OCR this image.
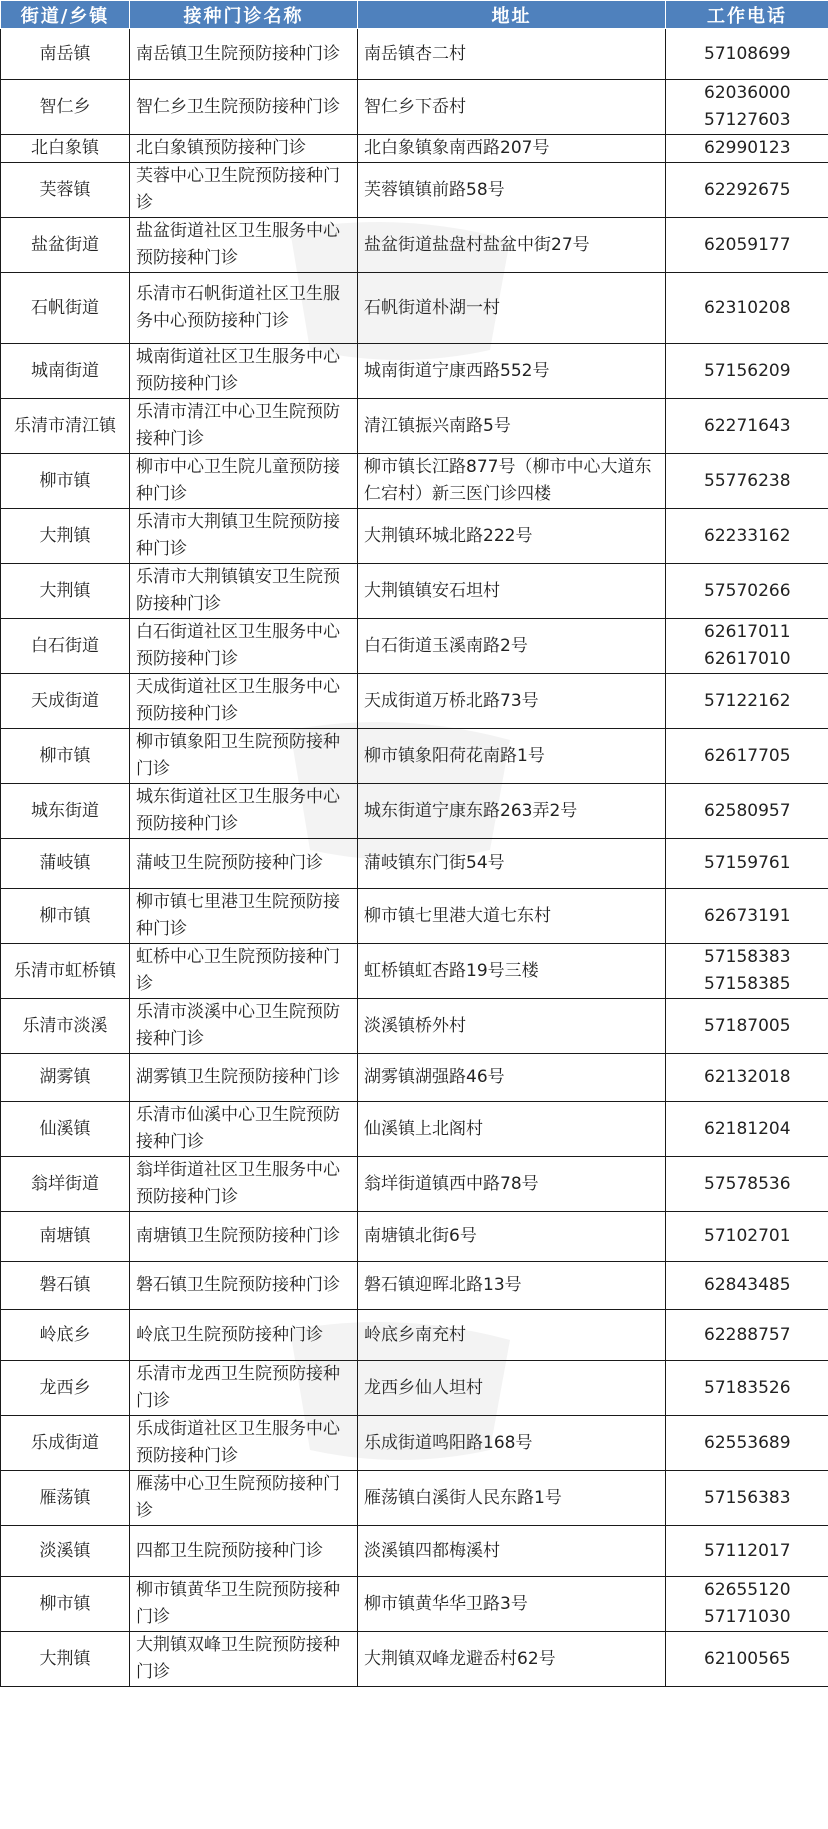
街道/乡镇	接种门诊名称	地址	工作电话
南岳镇	南岳镇卫生院预防接种门诊	南岳镇杏二村	57108699

智仁乡	智仁乡卫生院预防接种门诊	智仁乡下岙村	62036000
57127603

北白象镇	北白象镇预防接种门诊	北白象镇象南西路207号	62990123

芙蓉镇	芙蓉中心卫生院预防接种门诊	芙蓉镇镇前路58号	62292675

盐盆街道	盐盆街道社区卫生服务中心预防接种门诊	盐盆街道盐盘村盐盆中街27号	62059177

石帆街道	乐清市石帆街道社区卫生服务中心预防接种门诊	石帆街道朴湖一村	62310208

城南街道	城南街道社区卫生服务中心预防接种门诊	城南街道宁康西路552号	57156209

乐清市清江镇	乐清市清江中心卫生院预防接种门诊	清江镇振兴南路5号	62271643

柳市镇	柳市中心卫生院儿童预防接种门诊	柳市镇长江路877号（柳市中心大道东仁宕村）新三医门诊四楼	55776238

大荆镇	乐清市大荆镇卫生院预防接种门诊	大荆镇环城北路222号	62233162

大荆镇	乐清市大荆镇镇安卫生院预防接种门诊	大荆镇镇安石坦村	57570266

白石街道	白石街道社区卫生服务中心预防接种门诊	白石街道玉溪南路2号	62617011
62617010

天成街道	天成街道社区卫生服务中心预防接种门诊	天成街道万桥北路73号	57122162

柳市镇	柳市镇象阳卫生院预防接种门诊	柳市镇象阳荷花南路1号	62617705

城东街道	城东街道社区卫生服务中心预防接种门诊	城东街道宁康东路263弄2号	62580957

蒲岐镇	蒲岐卫生院预防接种门诊	蒲岐镇东门街54号	57159761

柳市镇	柳市镇七里港卫生院预防接种门诊	柳市镇七里港大道七东村	62673191

乐清市虹桥镇	虹桥中心卫生院预防接种门诊	虹桥镇虹杏路19号三楼	57158383
57158385

乐清市淡溪	乐清市淡溪中心卫生院预防接种门诊	淡溪镇桥外村	57187005

湖雾镇	湖雾镇卫生院预防接种门诊	湖雾镇湖强路46号	62132018

仙溪镇	乐清市仙溪中心卫生院预防接种门诊	仙溪镇上北阁村	62181204

翁垟街道	翁垟街道社区卫生服务中心预防接种门诊	翁垟街道镇西中路78号	57578536

南塘镇	南塘镇卫生院预防接种门诊	南塘镇北街6号	57102701

磐石镇	磐石镇卫生院预防接种门诊	磐石镇迎晖北路13号	62843485

岭底乡	岭底卫生院预防接种门诊	岭底乡南充村	62288757

龙西乡	乐清市龙西卫生院预防接种门诊	龙西乡仙人坦村	57183526

乐成街道	乐成街道社区卫生服务中心预防接种门诊	乐成街道鸣阳路168号	62553689

雁荡镇	雁荡中心卫生院预防接种门诊	雁荡镇白溪街人民东路1号	57156383

淡溪镇	四都卫生院预防接种门诊	淡溪镇四都梅溪村	57112017

柳市镇	柳市镇黄华卫生院预防接种门诊	柳市镇黄华华卫路3号	62655120
57171030

大荆镇	大荆镇双峰卫生院预防接种门诊	大荆镇双峰龙避岙村62号	62100565
